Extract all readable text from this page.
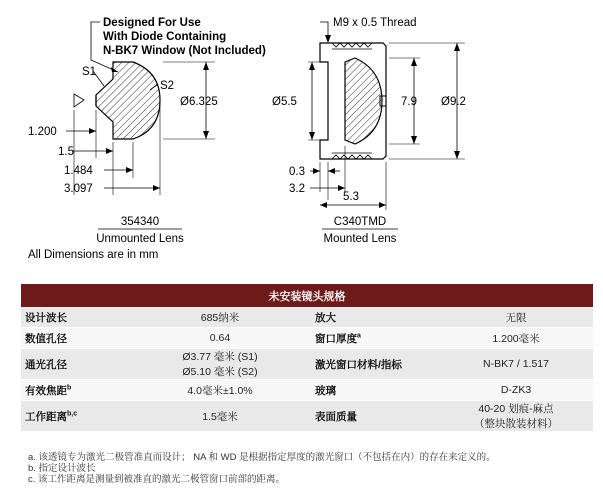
Designed For Use
With Diode Containing
N-BK7 Window (Not Included)
S1
S2
Ø6.325
1.200
1.5
1.484
3.097
354340
Unmounted Lens
All Dimensions are in mm
M9 x 0.5 Thread
Ø5.5	7.9 Ø9.2
0.3
3.2
5.3
C340TMD
Mounted Lens
未安装镜头规格			
设计波长	685纳米	放大	无限

数值孔径	0.64	窗口厚度$^a$	1.200毫米

通光孔径	Ø3.77 毫米 (S1)
Ø5.10 毫米 (S2)	激光窗口材料/指标	N-BK7 / 1.517

有效焦距$^b$	4.0毫米±1.0%	玻璃	D-ZK3

工作距离$^{b,c}$	1.5毫米	表面质量	40-20 划痕-麻点
（整块散装材料）
a. 该透镜专为激光二极管准直而设计； NA 和 WD 是根据指定厚度的激光窗口（不包括在内）的存在来定义的。
b. 指定设计波长
c. 该工作距离是测量到被准直的激光二极管窗口前部的距离。
